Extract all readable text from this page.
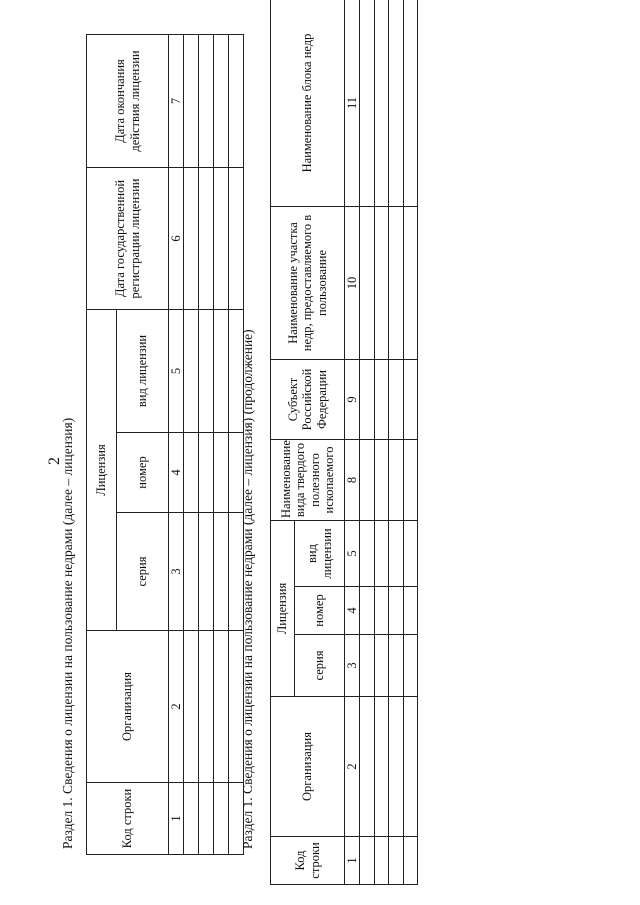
2
Раздел 1. Сведения о лицензии на пользование недрами (далее – лицензия)	Код строки	Организация	Лицензия			Дата государственной регистрации лицензии	Дата окончания действия лицензии
		серия	номер	вид лицензии		
1	2	3	4	5	6	7

Раздел 1. Сведения о лицензии на пользование недрами (далее – лицензия) (продолжение)
Код строки	Организация	Лицензия			Наименование вида твердого полезного ископаемого	Субъект Российской Федерации	Наименование участка недр, предоставляемого в пользование	Наименование блока недр
		серия	номер	вид лицензии				
1	2	3	4	5	8	9	10	11
